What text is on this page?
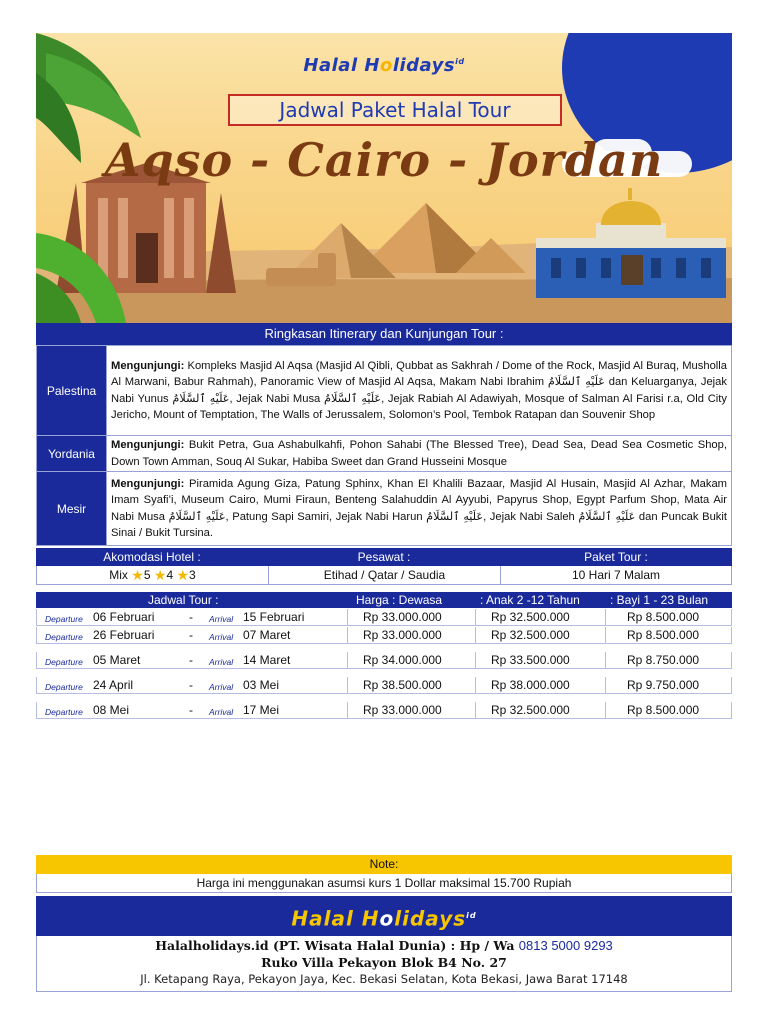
Halal Holidays$^{id}$
Jadwal Paket Halal Tour
Aqso - Cairo - Jordan
Ringkasan Itinerary dan Kunjungan Tour :
Palestina	Mengunjungi: Kompleks Masjid Al Aqsa (Masjid Al Qibli, Qubbat as Sakhrah / Dome of the Rock, Masjid Al Buraq, Musholla Al Marwani, Babur Rahmah), Panoramic View of Masjid Al Aqsa, Makam Nabi Ibrahim عَلَيْهِ ٱلسَّلَامُ dan Keluarganya, Jejak Nabi Yunus عَلَيْهِ ٱلسَّلَامُ, Jejak Nabi Musa عَلَيْهِ ٱلسَّلَامُ, Jejak Rabiah Al Adawiyah, Mosque of Salman Al Farisi r.a, Old City Jericho, Mount of Temptation, The Walls of Jerussalem, Solomon’s Pool, Tembok Ratapan dan Souvenir Shop
Yordania	Mengunjungi: Bukit Petra, Gua Ashabulkahfi, Pohon Sahabi (The Blessed Tree), Dead Sea, Dead Sea Cosmetic Shop, Down Town Amman, Souq Al Sukar, Habiba Sweet dan Grand Husseini Mosque
Mesir	Mengunjungi: Piramida Agung Giza, Patung Sphinx, Khan El Khalili Bazaar, Masjid Al Husain, Masjid Al Azhar, Makam Imam Syafi’i, Museum Cairo, Mumi Firaun, Benteng Salahuddin Al Ayyubi, Papyrus Shop, Egypt Parfum Shop, Mata Air Nabi Musa عَلَيْهِ ٱلسَّلَامُ, Patung Sapi Samiri, Jejak Nabi Harun عَلَيْهِ ٱلسَّلَامُ, Jejak Nabi Saleh عَلَيْهِ ٱلسَّلَامُ dan Puncak Bukit Sinai / Bukit Tursina.
Akomodasi Hotel :	Pesawat :	Paket Tour :
Mix ★5 ★4 ★3	Etihad / Qatar / Saudia	10 Hari 7 Malam
Jadwal Tour :	Harga : Dewasa	: Anak 2 -12 Tahun	: Bayi 1 - 23 Bulan
Departure 06 Februari	- Arrival 15 Februari	Rp 33.000.000	Rp 32.500.000	Rp 8.500.000
Departure 26 Februari	- Arrival 07 Maret	Rp 33.000.000	Rp 32.500.000	Rp 8.500.000
Departure 05 Maret	- Arrival 14 Maret	Rp 34.000.000	Rp 33.500.000	Rp 8.750.000
Departure 24 April	- Arrival 03 Mei	Rp 38.500.000	Rp 38.000.000	Rp 9.750.000
Departure 08 Mei	- Arrival 17 Mei	Rp 33.000.000	Rp 32.500.000	Rp 8.500.000
Note:
Harga ini menggunakan asumsi kurs 1 Dollar maksimal 15.700 Rupiah
Halal Holidays$^{id}$
Halalholidays.id (PT. Wisata Halal Dunia) : Hp / Wa 0813 5000 9293
Ruko Villa Pekayon Blok B4 No. 27
Jl. Ketapang Raya, Pekayon Jaya, Kec. Bekasi Selatan, Kota Bekasi, Jawa Barat 17148
